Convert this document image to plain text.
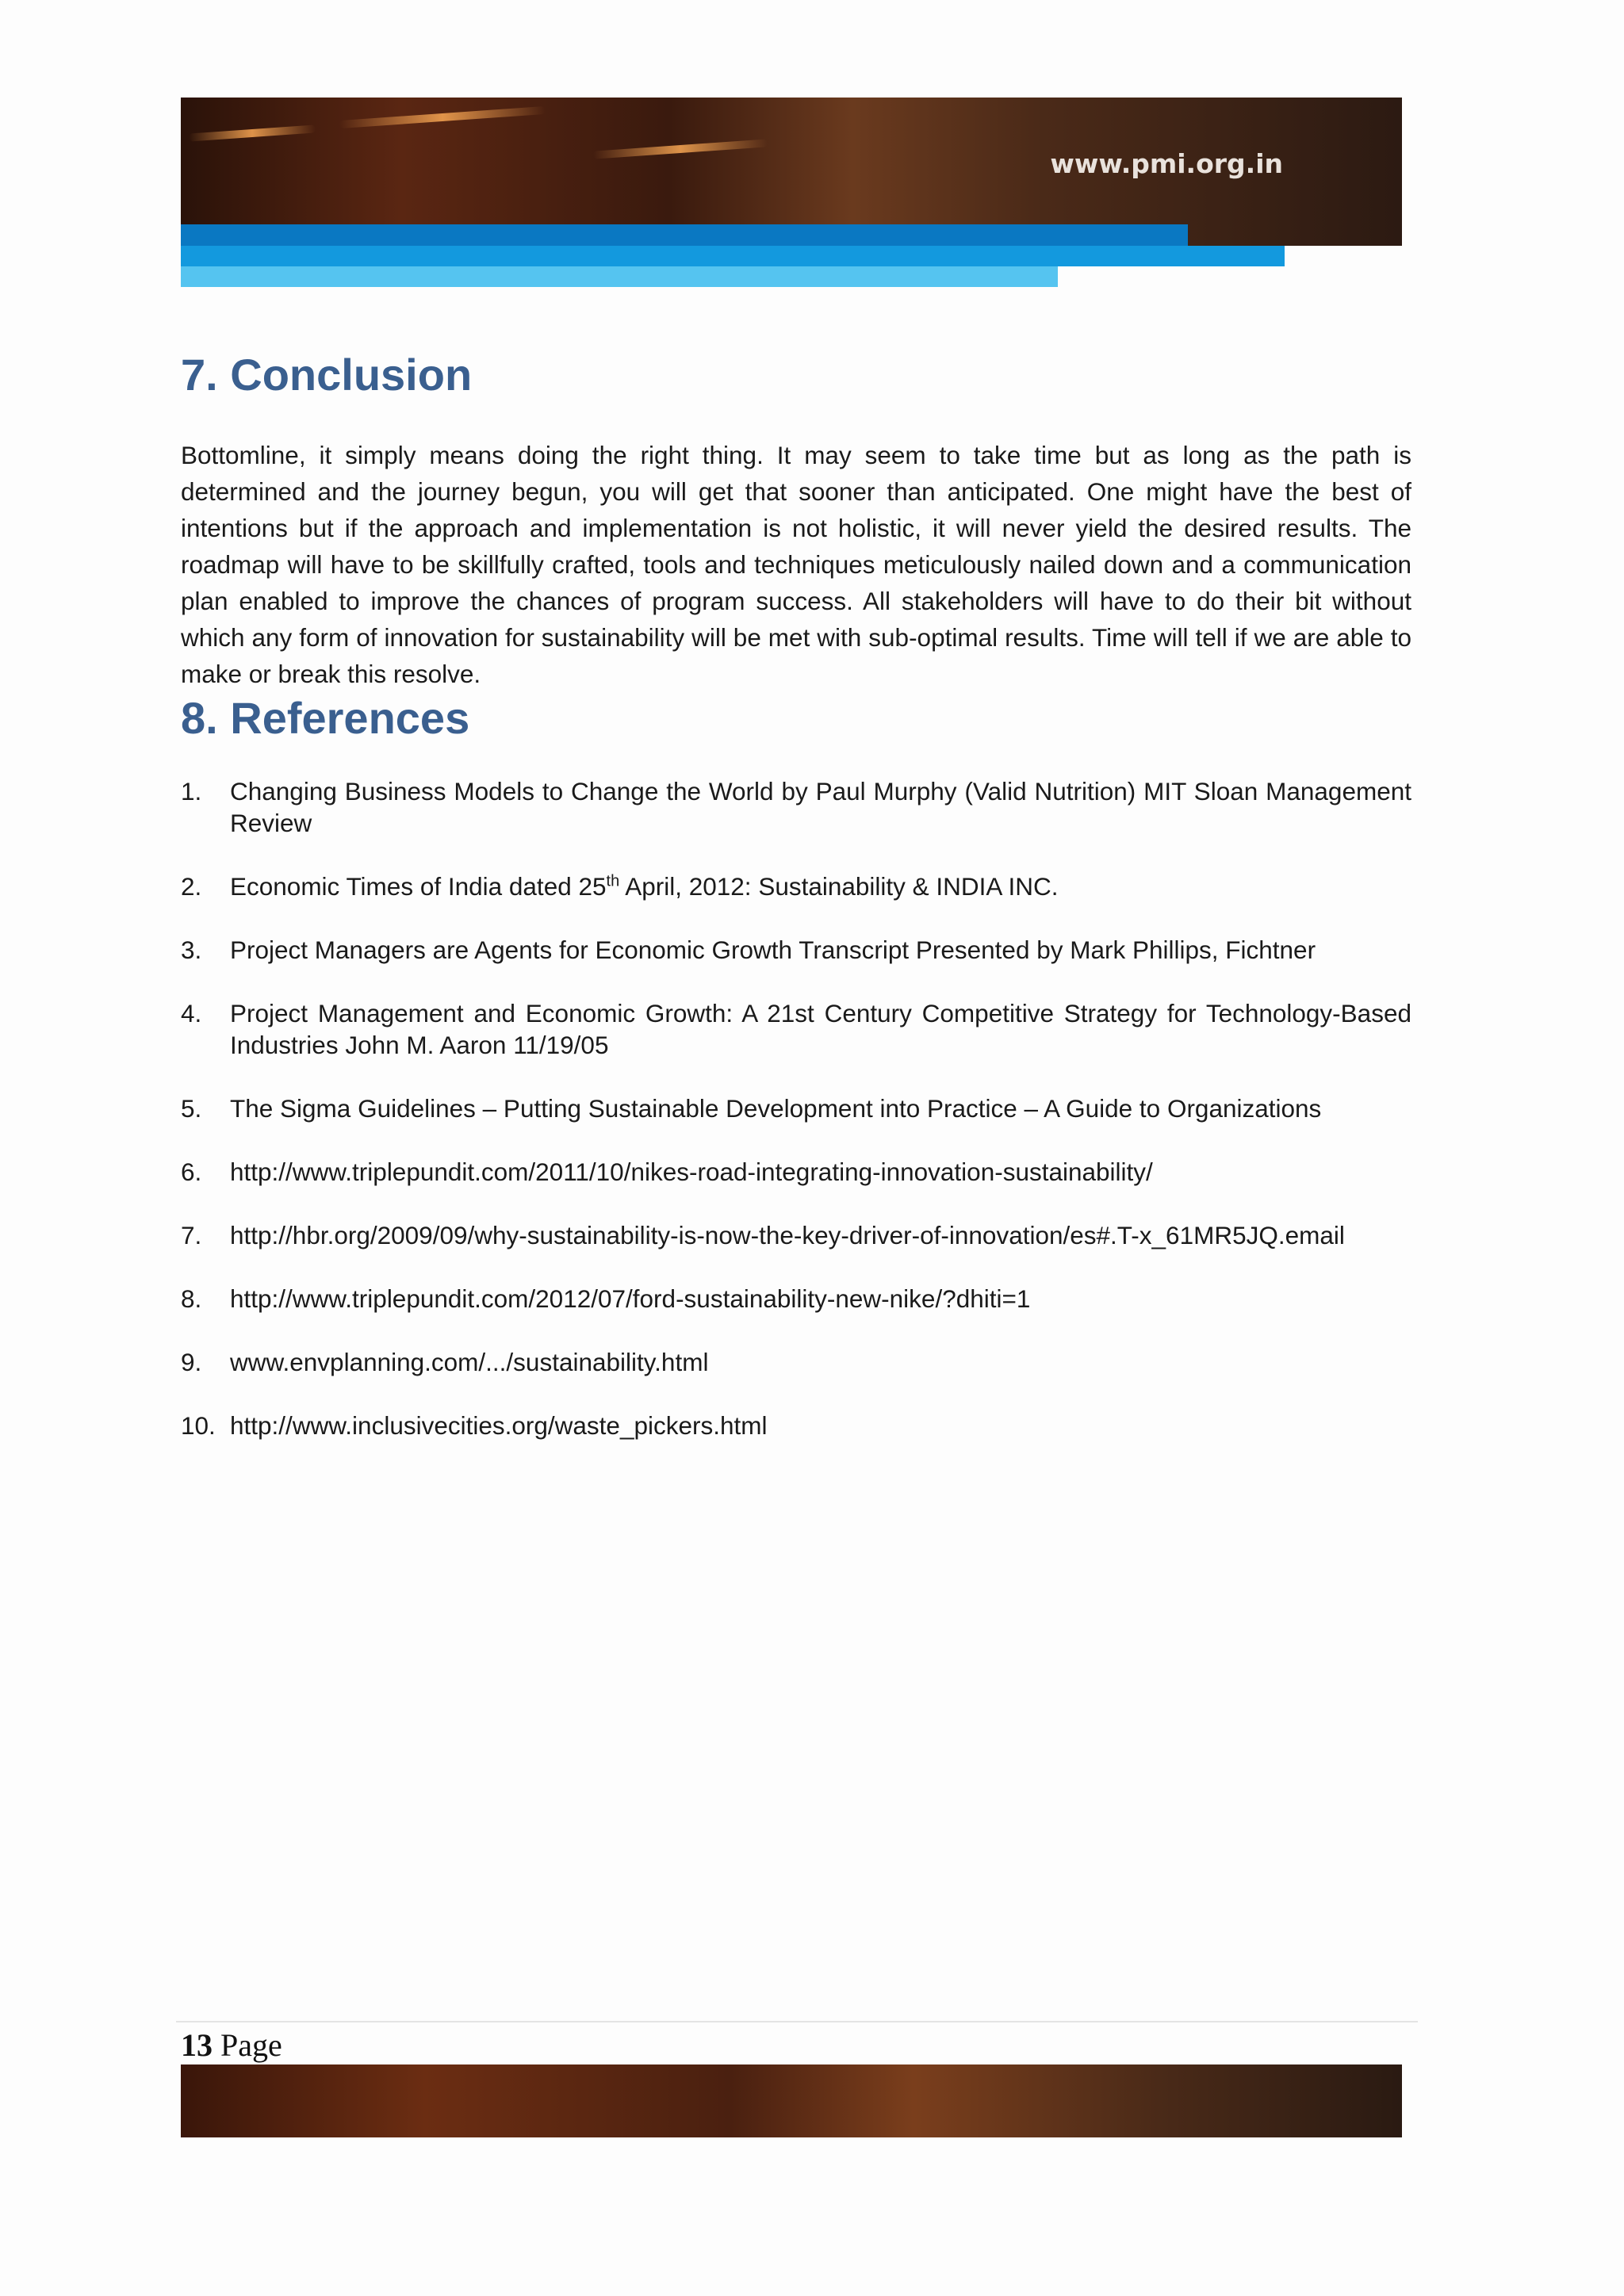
www.pmi.org.in
7. Conclusion

Bottomline, it simply means doing the right thing. It may seem to take time but as long as the path is determined and the journey begun, you will get that sooner than anticipated. One might have the best of intentions but if the approach and implementation is not holistic, it will never yield the desired results. The roadmap will have to be skillfully crafted, tools and techniques meticulously nailed down and a communication plan enabled to improve the chances of program success. All stakeholders will have to do their bit without which any form of innovation for sustainability will be met with sub-optimal results. Time will tell if we are able to make or break this resolve.

8. References
1. Changing Business Models to Change the World by Paul Murphy (Valid Nutrition) MIT Sloan Management Review
2. Economic Times of India dated 25th April, 2012: Sustainability & INDIA INC.
3. Project Managers are Agents for Economic Growth Transcript Presented by Mark Phillips, Fichtner
4. Project Management and Economic Growth: A 21st Century Competitive Strategy for Technology-Based Industries John M. Aaron 11/19/05
5. The Sigma Guidelines – Putting Sustainable Development into Practice – A Guide to Organizations
6. http://www.triplepundit.com/2011/10/nikes-road-integrating-innovation-sustainability/
7. http://hbr.org/2009/09/why-sustainability-is-now-the-key-driver-of-innovation/es#.T-x_61MR5JQ.email
8. http://www.triplepundit.com/2012/07/ford-sustainability-new-nike/?dhiti=1
9. www.envplanning.com/.../sustainability.html
10. http://www.inclusivecities.org/waste_pickers.html
13 Page
